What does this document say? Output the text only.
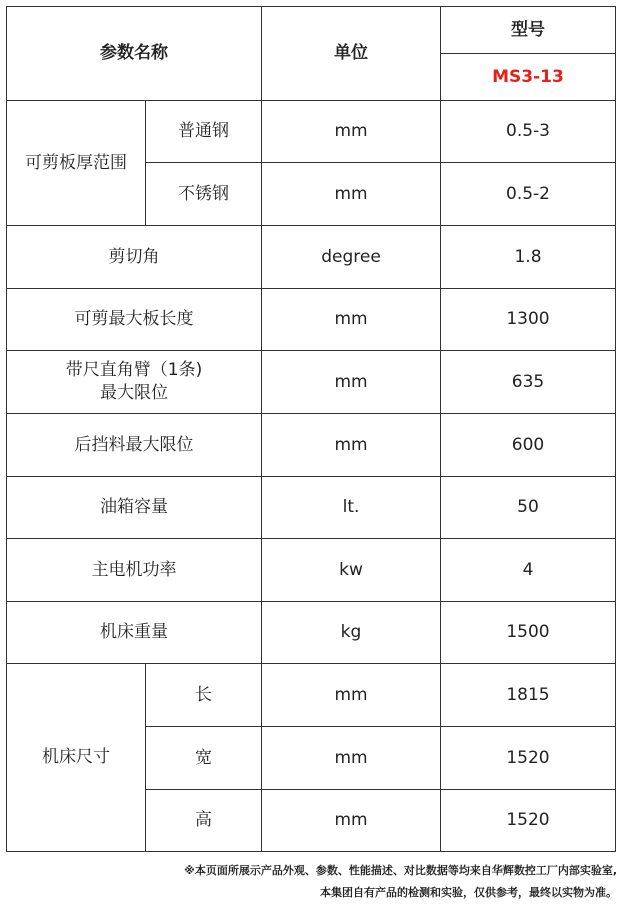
参数名称		单位	型号
			MS3-13
可剪板厚范围	普通钢	mm	0.5-3
	不锈钢	mm	0.5-2
剪切角		degree	1.8
可剪最大板长度		mm	1300

带尺直角臂（1条)
最大限位		mm	635
后挡料最大限位		mm	600
油箱容量		lt.	50
主电机功率		kw	4
机床重量		kg	1500
机床尺寸	长	mm	1815
	宽	mm	1520
	高	mm	1520
※本页面所展示产品外观、参数、性能描述、对比数据等均来自华辉数控工厂内部实验室,
本集团自有产品的检测和实验，仅供参考，最终以实物为准。
